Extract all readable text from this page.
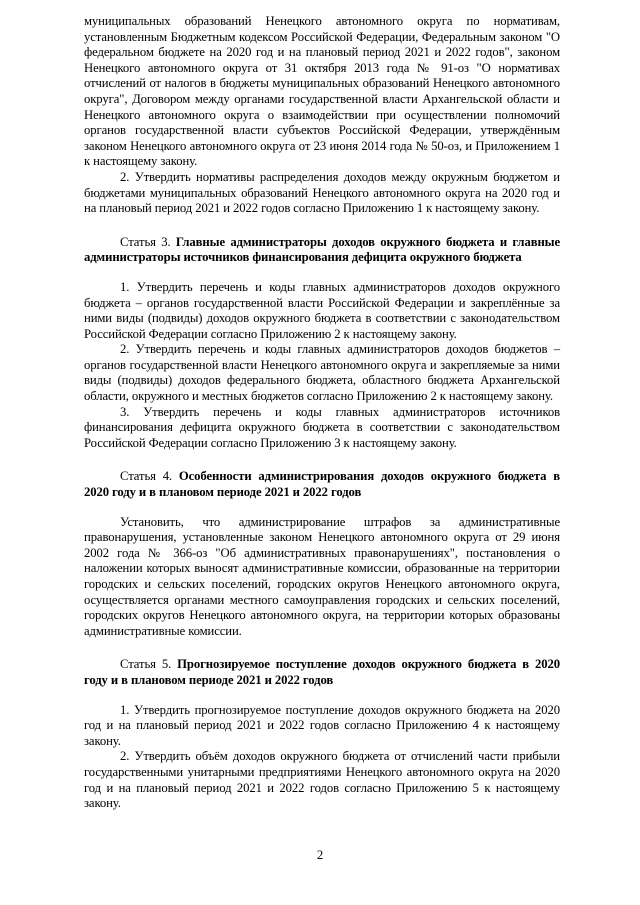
муниципальных образований Ненецкого автономного округа по нормативам, установленным Бюджетным кодексом Российской Федерации, Федеральным законом "О федеральном бюджете на 2020 год и на плановый период 2021 и 2022 годов", законом Ненецкого автономного округа от 31 октября 2013 года № 91-оз "О нормативах отчислений от налогов в бюджеты муниципальных образований Ненецкого автономного округа", Договором между органами государственной власти Архангельской области и Ненецкого автономного округа о взаимодействии при осуществлении полномочий органов государственной власти субъектов Российской Федерации, утверждённым законом Ненецкого автономного округа от 23 июня 2014 года № 50-оз, и Приложением 1 к настоящему закону.

2. Утвердить нормативы распределения доходов между окружным бюджетом и бюджетами муниципальных образований Ненецкого автономного округа на 2020 год и на плановый период 2021 и 2022 годов согласно Приложению 1 к настоящему закону.

Статья 3. Главные администраторы доходов окружного бюджета и главные администраторы источников финансирования дефицита окружного бюджета

1. Утвердить перечень и коды главных администраторов доходов окружного бюджета – органов государственной власти Российской Федерации и закреплённые за ними виды (подвиды) доходов окружного бюджета в соответствии с законодательством Российской Федерации согласно Приложению 2 к настоящему закону.

2. Утвердить перечень и коды главных администраторов доходов бюджетов – органов государственной власти Ненецкого автономного округа и закрепляемые за ними виды (подвиды) доходов федерального бюджета, областного бюджета Архангельской области, окружного и местных бюджетов согласно Приложению 2 к настоящему закону.

3. Утвердить перечень и коды главных администраторов источников финансирования дефицита окружного бюджета в соответствии с законодательством Российской Федерации согласно Приложению 3 к настоящему закону.

Статья 4. Особенности администрирования доходов окружного бюджета в 2020 году и в плановом периоде 2021 и 2022 годов

Установить, что администрирование штрафов за административные правонарушения, установленные законом Ненецкого автономного округа от 29 июня 2002 года № 366-оз "Об административных правонарушениях", постановления о наложении которых выносят административные комиссии, образованные на территории городских и сельских поселений, городских округов Ненецкого автономного округа, осуществляется органами местного самоуправления городских и сельских поселений, городских округов Ненецкого автономного округа, на территории которых образованы административные комиссии.

Статья 5. Прогнозируемое поступление доходов окружного бюджета в 2020 году и в плановом периоде 2021 и 2022 годов

1. Утвердить прогнозируемое поступление доходов окружного бюджета на 2020 год и на плановый период 2021 и 2022 годов согласно Приложению 4 к настоящему закону.

2. Утвердить объём доходов окружного бюджета от отчислений части прибыли государственными унитарными предприятиями Ненецкого автономного округа на 2020 год и на плановый период 2021 и 2022 годов согласно Приложению 5 к настоящему закону.

2
